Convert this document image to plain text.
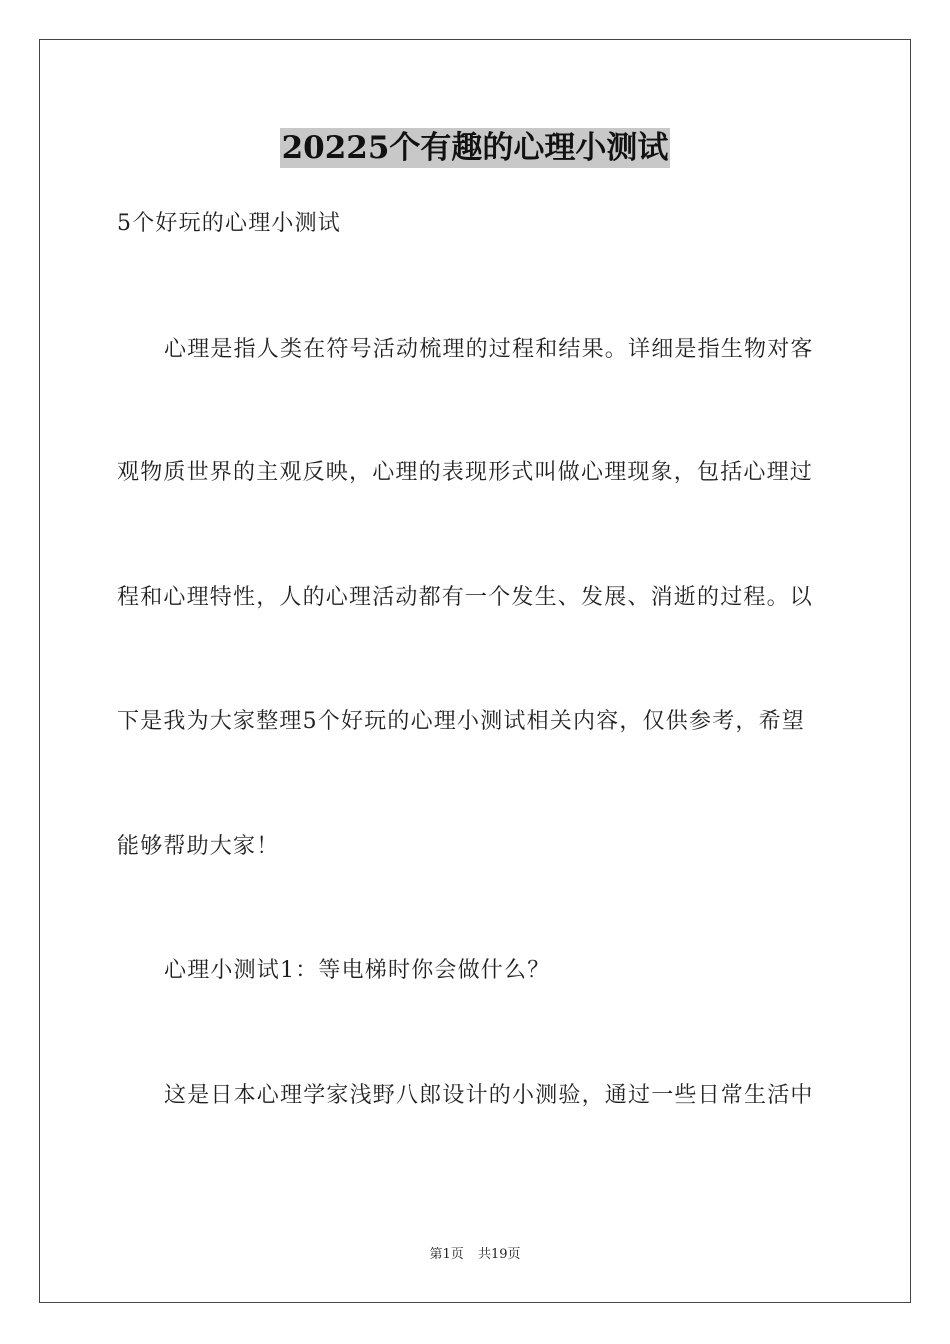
20225个有趣的心理小测试
5个好玩的心理小测试
心理是指人类在符号活动梳理的过程和结果。详细是指生物对客
观物质世界的主观反映，心理的表现形式叫做心理现象，包括心理过
程和心理特性，人的心理活动都有一个发生、发展、消逝的过程。以
下是我为大家整理5个好玩的心理小测试相关内容，仅供参考，希望
能够帮助大家！
心理小测试1：等电梯时你会做什么？
这是日本心理学家浅野八郎设计的小测验，通过一些日常生活中
第1页 共19页
